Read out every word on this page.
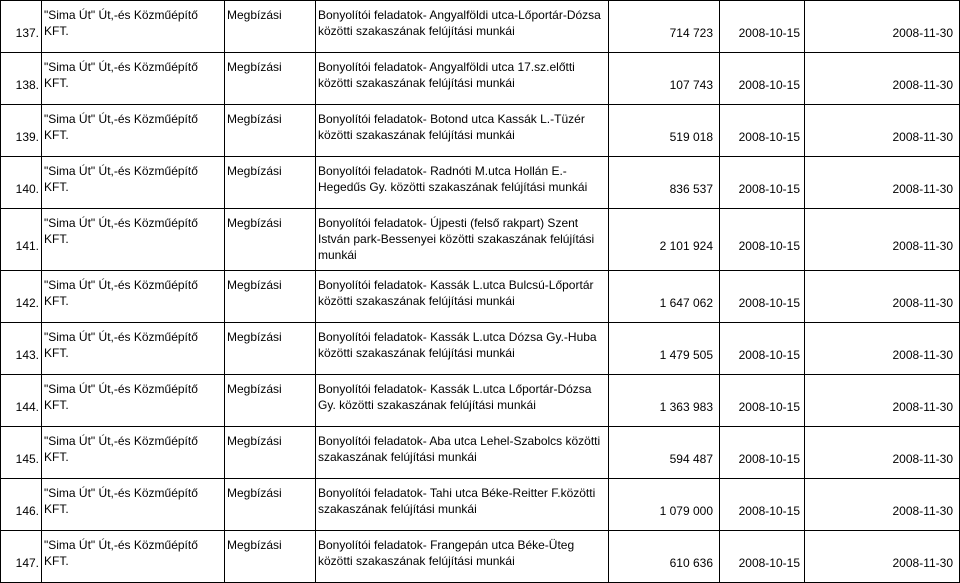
137.	"Sima Út" Út,-és Közműépítő KFT.	Megbízási	Bonyolítói feladatok- Angyalföldi utca-Lőportár-Dózsa közötti szakaszának felújítási munkái	714 723	2008-10-15	2008-11-30
138.	"Sima Út" Út,-és Közműépítő KFT.	Megbízási	Bonyolítói feladatok- Angyalföldi utca 17.sz.előtti közötti szakaszának felújítási munkái	107 743	2008-10-15	2008-11-30
139.	"Sima Út" Út,-és Közműépítő KFT.	Megbízási	Bonyolítói feladatok- Botond utca Kassák L.-Tüzér közötti szakaszának felújítási munkái	519 018	2008-10-15	2008-11-30
140.	"Sima Út" Út,-és Közműépítő KFT.	Megbízási	Bonyolítói feladatok- Radnóti M.utca Hollán E.-Hegedűs Gy. közötti szakaszának felújítási munkái	836 537	2008-10-15	2008-11-30
141.	"Sima Út" Út,-és Közműépítő KFT.	Megbízási	Bonyolítói feladatok- Újpesti (felső rakpart) Szent István park-Bessenyei közötti szakaszának felújítási munkái	2 101 924	2008-10-15	2008-11-30
142.	"Sima Út" Út,-és Közműépítő KFT.	Megbízási	Bonyolítói feladatok- Kassák L.utca Bulcsú-Lőportár közötti szakaszának felújítási munkái	1 647 062	2008-10-15	2008-11-30
143.	"Sima Út" Út,-és Közműépítő KFT.	Megbízási	Bonyolítói feladatok- Kassák L.utca Dózsa Gy.-Huba közötti szakaszának felújítási munkái	1 479 505	2008-10-15	2008-11-30
144.	"Sima Út" Út,-és Közműépítő KFT.	Megbízási	Bonyolítói feladatok- Kassák L.utca Lőportár-Dózsa Gy. közötti szakaszának felújítási munkái	1 363 983	2008-10-15	2008-11-30
145.	"Sima Út" Út,-és Közműépítő KFT.	Megbízási	Bonyolítói feladatok- Aba utca Lehel-Szabolcs közötti szakaszának felújítási munkái	594 487	2008-10-15	2008-11-30
146.	"Sima Út" Út,-és Közműépítő KFT.	Megbízási	Bonyolítói feladatok- Tahi utca Béke-Reitter F.közötti szakaszának felújítási munkái	1 079 000	2008-10-15	2008-11-30
147.	"Sima Út" Út,-és Közműépítő KFT.	Megbízási	Bonyolítói feladatok- Frangepán utca Béke-Üteg közötti szakaszának felújítási munkái	610 636	2008-10-15	2008-11-30
